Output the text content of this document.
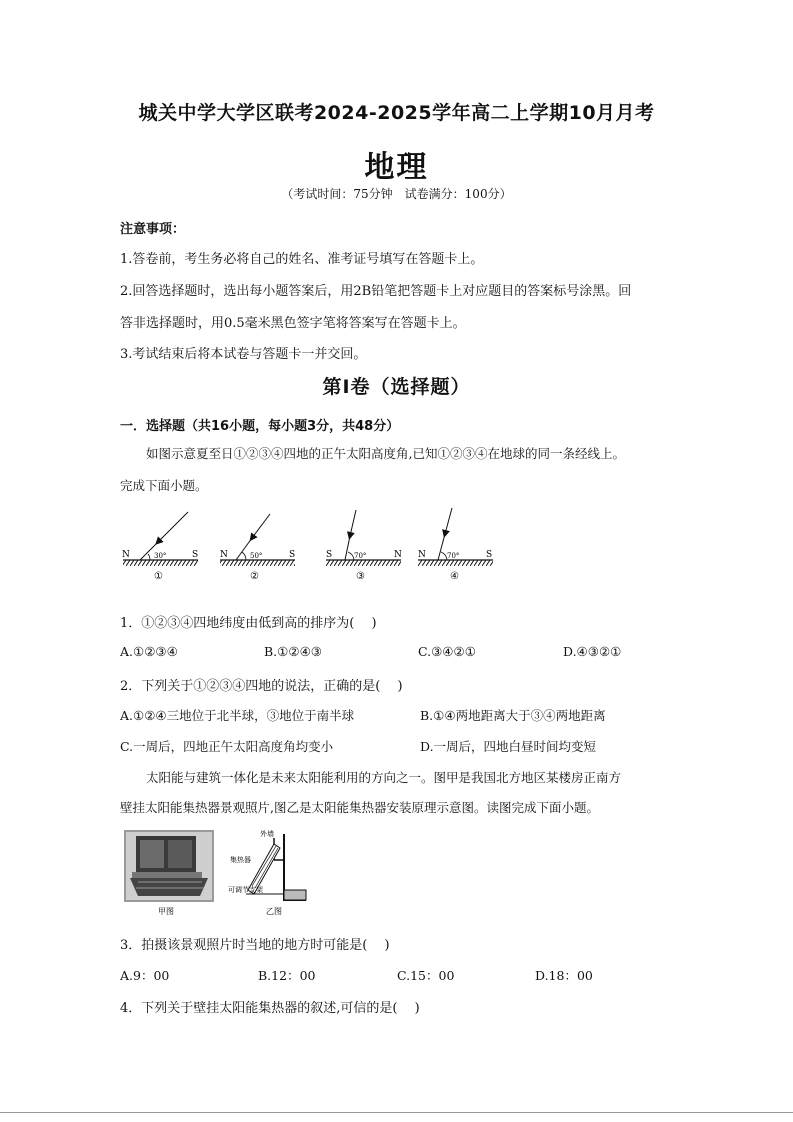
城关中学大学区联考2024-2025学年高二上学期10月月考
地理
（考试时间：75分钟　试卷满分：100分）
注意事项：
1.答卷前，考生务必将自己的姓名、准考证号填写在答题卡上。
2.回答选择题时，选出每小题答案后，用2B铅笔把答题卡上对应题目的答案标号涂黑。回
答非选择题时，用0.5毫米黑色签字笔将答案写在答题卡上。
3.考试结束后将本试卷与答题卡一并交回。
第Ⅰ卷（选择题）
一．选择题（共16小题，每小题3分，共48分）
如图示意夏至日①②③④四地的正午太阳高度角,已知①②③④在地球的同一条经线上。
完成下面小题。
N	30°	S
①
N	50°	S
②
S	70°	N
③
N	70°	S
④
1．①②③④四地纬度由低到高的排序为(　 )
A.①②③④	B.①②④③	C.③④②①	D.④③②①
2．下列关于①②③④四地的说法，正确的是(　 )
A.①②④三地位于北半球，③地位于南半球	B.①④两地距离大于③④两地距离
C.一周后，四地正午太阳高度角均变小	D.一周后，四地白昼时间均变短
太阳能与建筑一体化是未来太阳能利用的方向之一。图甲是我国北方地区某楼房正南方
壁挂太阳能集热器景观照片,图乙是太阳能集热器安装原理示意图。读图完成下面小题。
甲图
外墙
集热器
可调节支架
乙图
3．拍摄该景观照片时当地的地方时可能是(　 )
A.9：00	B.12：00	C.15：00	D.18：00
4．下列关于壁挂太阳能集热器的叙述,可信的是(　 )
